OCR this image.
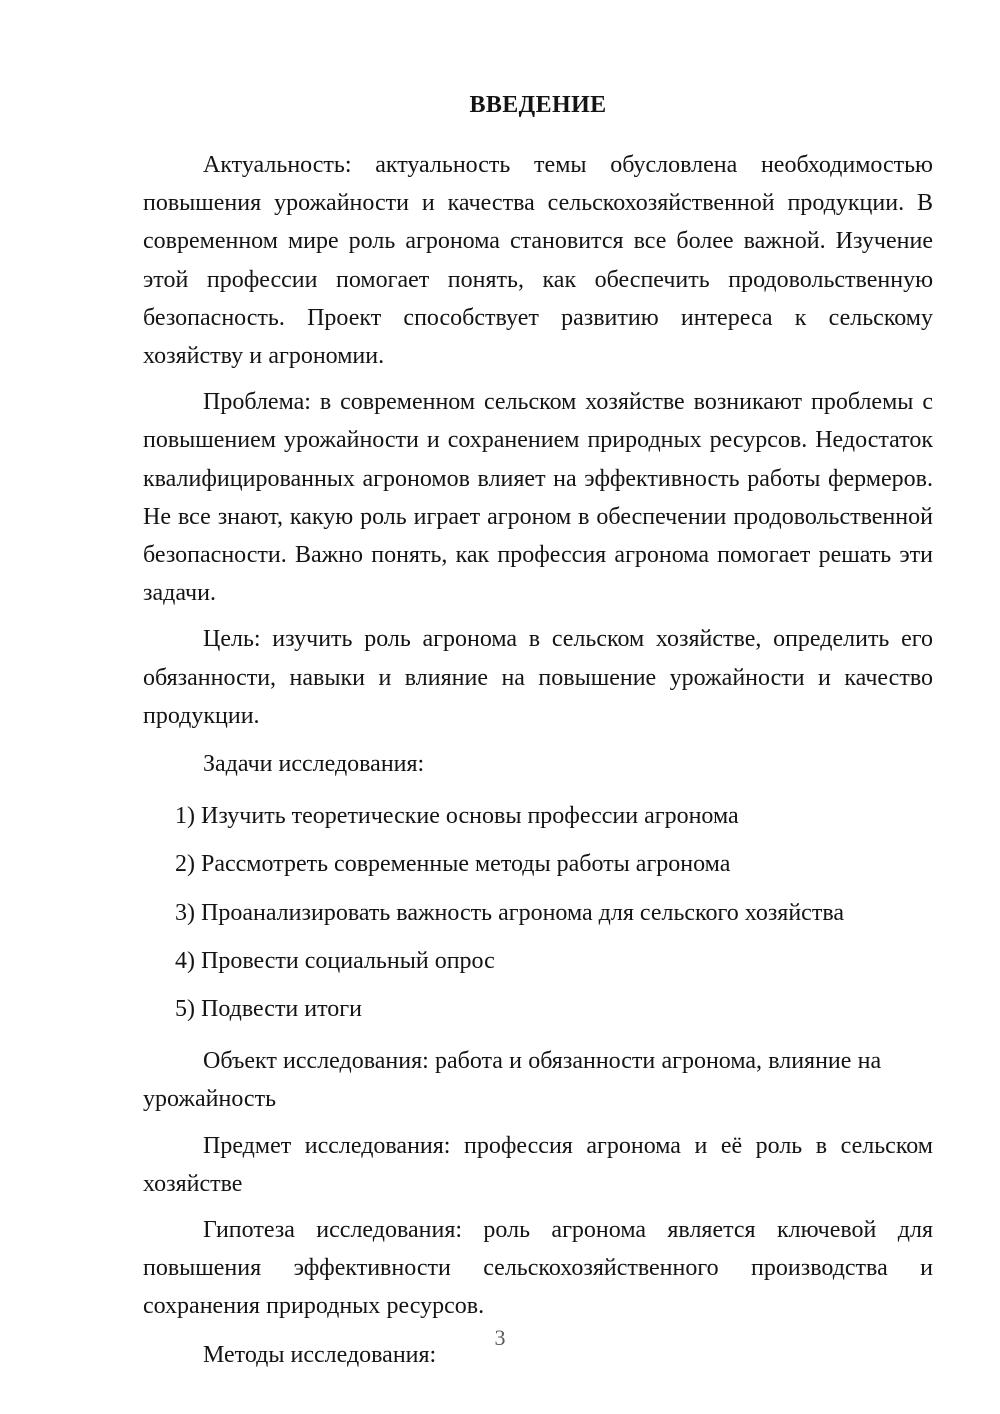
ВВЕДЕНИЕ

Актуальность: актуальность темы обусловлена необходимостью повышения урожайности и качества сельскохозяйственной продукции. В современном мире роль агронома становится все более важной. Изучение этой профессии помогает понять, как обеспечить продовольственную безопасность. Проект способствует развитию интереса к сельскому хозяйству и агрономии.

Проблема: в современном сельском хозяйстве возникают проблемы с повышением урожайности и сохранением природных ресурсов. Недостаток квалифицированных агрономов влияет на эффективность работы фермеров. Не все знают, какую роль играет агроном в обеспечении продовольственной безопасности. Важно понять, как профессия агронома помогает решать эти задачи.

Цель: изучить роль агронома в сельском хозяйстве, определить его обязанности, навыки и влияние на повышение урожайности и качество продукции.

Задачи исследования:

1) Изучить теоретические основы профессии агронома
2) Рассмотреть современные методы работы агронома
3) Проанализировать важность агронома для сельского хозяйства
4) Провести социальный опрос
5) Подвести итоги

Объект исследования: работа и обязанности агронома, влияние на урожайность

Предмет исследования: профессия агронома и её роль в сельском хозяйстве

Гипотеза исследования: роль агронома является ключевой для повышения эффективности сельскохозяйственного производства и сохранения природных ресурсов.

Методы исследования:

3
